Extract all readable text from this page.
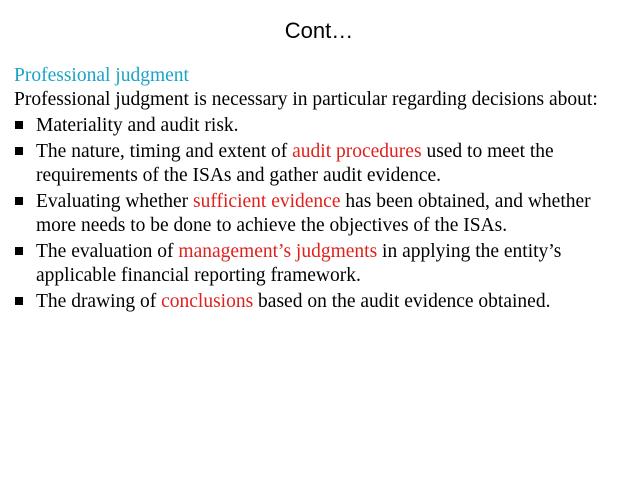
Cont…

Professional judgment

Professional judgment is necessary in particular regarding decisions about:

Materiality and audit risk.
The nature, timing and extent of audit procedures used to meet the requirements of the ISAs and gather audit evidence.
Evaluating whether sufficient evidence has been obtained, and whether more needs to be done to achieve the objectives of the ISAs.
The evaluation of management’s judgments in applying the entity’s applicable financial reporting framework.
The drawing of conclusions based on the audit evidence obtained.
